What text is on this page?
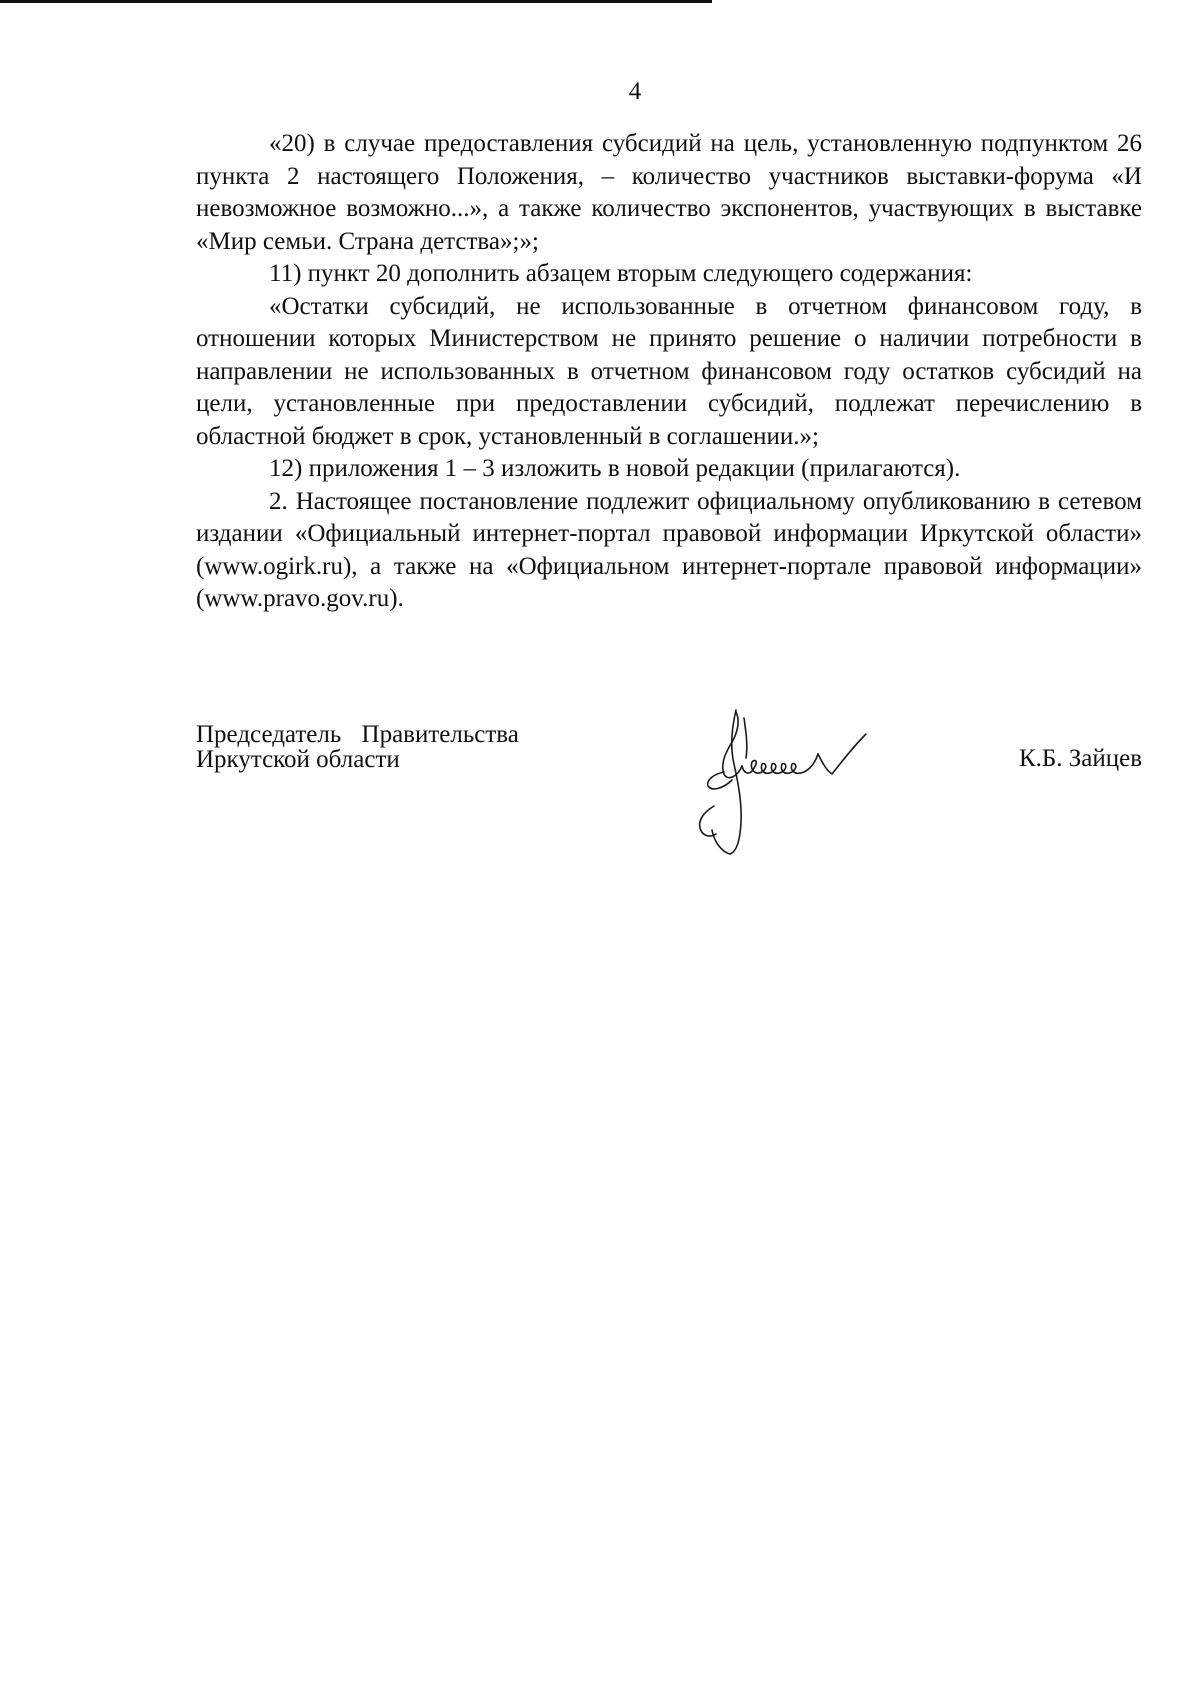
4

«20) в случае предоставления субсидий на цель, установленную подпунктом 26 пункта 2 настоящего Положения, – количество участников выставки-форума «И невозможное возможно...», а также количество экспонентов, участвующих в выставке «Мир семьи. Страна детства»;»;

11) пункт 20 дополнить абзацем вторым следующего содержания:

«Остатки субсидий, не использованные в отчетном финансовом году, в отношении которых Министерством не принято решение о наличии потребности в направлении не использованных в отчетном финансовом году остатков субсидий на цели, установленные при предоставлении субсидий, подлежат перечислению в областной бюджет в срок, установленный в соглашении.»;

12) приложения 1 – 3 изложить в новой редакции (прилагаются).

2. Настоящее постановление подлежит официальному опубликованию в сетевом издании «Официальный интернет-портал правовой информации Иркутской области» (www.ogirk.ru), а также на «Официальном интернет-портале правовой информации» (www.pravo.gov.ru).

Председатель Правительства
Иркутской области	К.Б. Зайцев
